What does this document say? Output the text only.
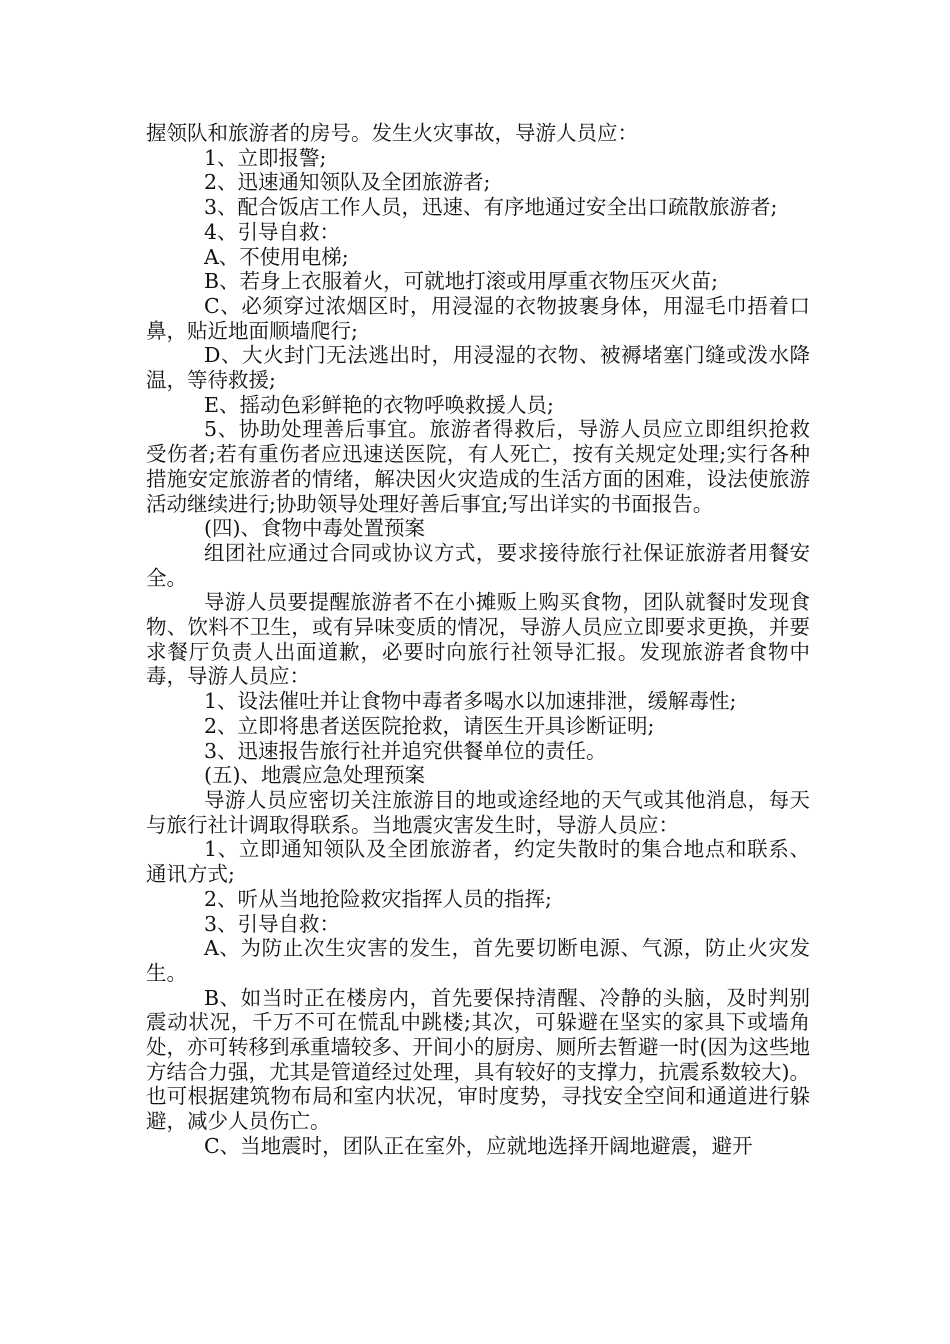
握领队和旅游者的房号。发生火灾事故，导游人员应：

1、立即报警;

2、迅速通知领队及全团旅游者;

3、配合饭店工作人员，迅速、有序地通过安全出口疏散旅游者;

4、引导自救：

A、不使用电梯;

B、若身上衣服着火，可就地打滚或用厚重衣物压灭火苗;

C、必须穿过浓烟区时，用浸湿的衣物披裹身体，用湿毛巾捂着口鼻，贴近地面顺墙爬行;

D、大火封门无法逃出时，用浸湿的衣物、被褥堵塞门缝或泼水降温，等待救援;

E、摇动色彩鲜艳的衣物呼唤救援人员;

5、协助处理善后事宜。旅游者得救后，导游人员应立即组织抢救受伤者;若有重伤者应迅速送医院，有人死亡，按有关规定处理;实行各种措施安定旅游者的情绪，解决因火灾造成的生活方面的困难，设法使旅游活动继续进行;协助领导处理好善后事宜;写出详实的书面报告。

(四)、食物中毒处置预案

组团社应通过合同或协议方式，要求接待旅行社保证旅游者用餐安全。

导游人员要提醒旅游者不在小摊贩上购买食物，团队就餐时发现食物、饮料不卫生，或有异味变质的情况，导游人员应立即要求更换，并要求餐厅负责人出面道歉，必要时向旅行社领导汇报。发现旅游者食物中毒，导游人员应：

1、设法催吐并让食物中毒者多喝水以加速排泄，缓解毒性;

2、立即将患者送医院抢救，请医生开具诊断证明;

3、迅速报告旅行社并追究供餐单位的责任。

(五)、地震应急处理预案

导游人员应密切关注旅游目的地或途经地的天气或其他消息，每天与旅行社计调取得联系。当地震灾害发生时，导游人员应：

1、立即通知领队及全团旅游者，约定失散时的集合地点和联系、通讯方式;

2、听从当地抢险救灾指挥人员的指挥;

3、引导自救：

A、为防止次生灾害的发生，首先要切断电源、气源，防止火灾发生。

B、如当时正在楼房内，首先要保持清醒、冷静的头脑，及时判别震动状况，千万不可在慌乱中跳楼;其次，可躲避在坚实的家具下或墙角处，亦可转移到承重墙较多、开间小的厨房、厕所去暂避一时(因为这些地方结合力强，尤其是管道经过处理，具有较好的支撑力，抗震系数较大)。也可根据建筑物布局和室内状况，审时度势，寻找安全空间和通道进行躲避，减少人员伤亡。

C、当地震时，团队正在室外，应就地选择开阔地避震，避开
